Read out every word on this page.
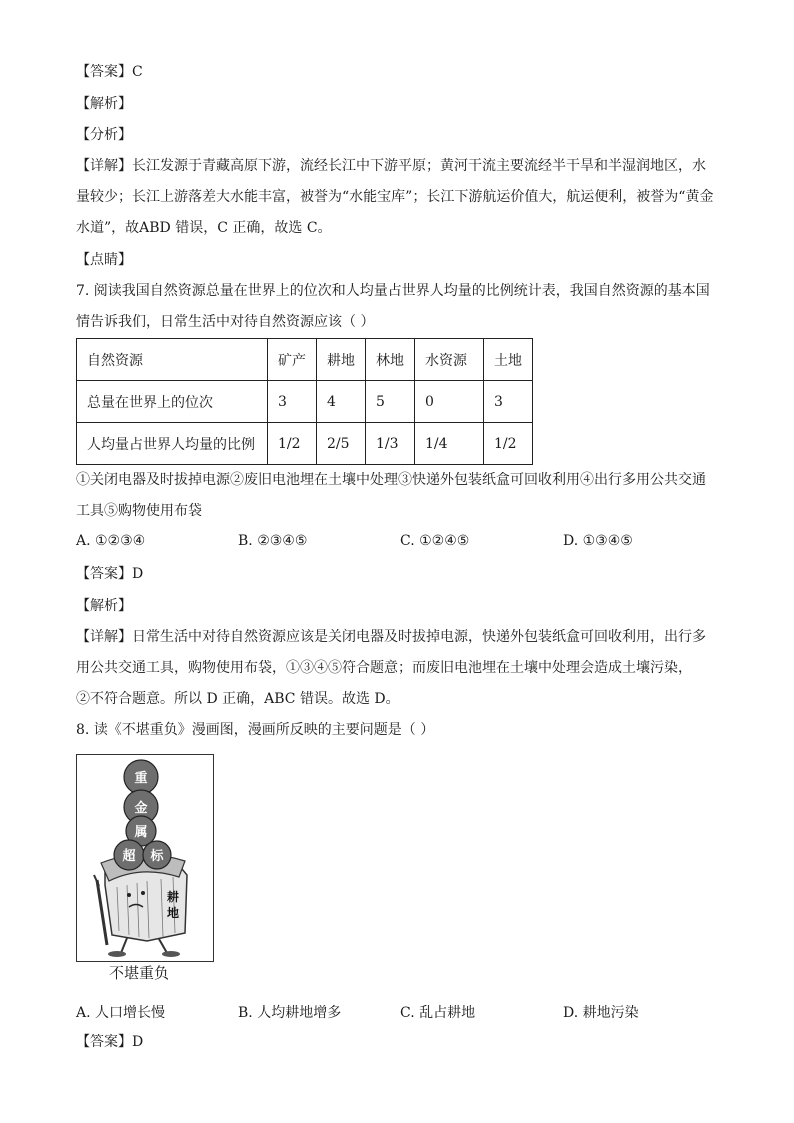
【答案】C
【解析】
【分析】
【详解】长江发源于青藏高原下游，流经长江中下游平原；黄河干流主要流经半干旱和半湿润地区，水
量较少；长江上游落差大水能丰富，被誉为“水能宝库”；长江下游航运价值大，航运便利，被誉为“黄金
水道”，故ABD 错误，C 正确，故选 C。
【点睛】
7. 阅读我国自然资源总量在世界上的位次和人均量占世界人均量的比例统计表，我国自然资源的基本国
情告诉我们，日常生活中对待自然资源应该（ ）
自然资源	矿产	耕地	林地	水资源	土地
总量在世界上的位次	3	4	5	0	3
人均量占世界人均量的比例	1/2	2/5	1/3	1/4	1/2
①关闭电器及时拔掉电源②废旧电池埋在土壤中处理③快递外包装纸盒可回收利用④出行多用公共交通
工具⑤购物使用布袋
A. ①②③④	B. ②③④⑤	C. ①②④⑤	D. ①③④⑤
【答案】D
【解析】
【详解】日常生活中对待自然资源应该是关闭电器及时拔掉电源，快递外包装纸盒可回收利用，出行多
用公共交通工具，购物使用布袋，①③④⑤符合题意；而废旧电池埋在土壤中处理会造成土壤污染，
②不符合题意。所以 D 正确，ABC 错误。故选 D。
8. 读《不堪重负》漫画图，漫画所反映的主要问题是（ ）
重
金
属
超 标
耕
地
不堪重负
A. 人口增长慢	B. 人均耕地增多	C. 乱占耕地	D. 耕地污染
【答案】D
